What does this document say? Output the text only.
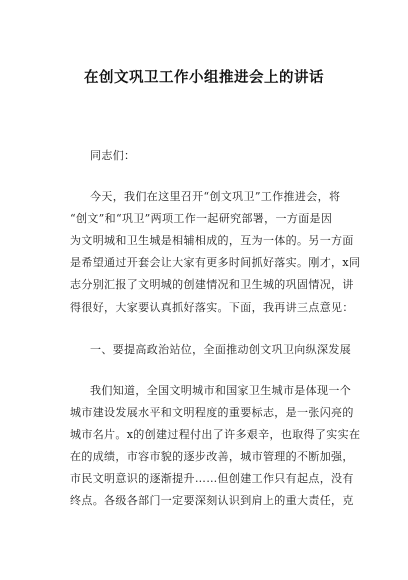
在创文巩卫工作小组推进会上的讲话
同志们：
今天，我们在这里召开“创文巩卫”工作推进会，将
“创文”和“巩卫”两项工作一起研究部署，一方面是因
为文明城和卫生城是相辅相成的，互为一体的。另一方面
是希望通过开套会让大家有更多时间抓好落实。刚才，x同
志分别汇报了文明城的创建情况和卫生城的巩固情况，讲
得很好，大家要认真抓好落实。下面，我再讲三点意见：
一、要提高政治站位，全面推动创文巩卫向纵深发展
我们知道，全国文明城市和国家卫生城市是体现一个
城市建设发展水平和文明程度的重要标志，是一张闪亮的
城市名片。x的创建过程付出了许多艰辛，也取得了实实在
在的成绩，市容市貌的逐步改善，城市管理的不断加强，
市民文明意识的逐渐提升……但创建工作只有起点，没有
终点。各级各部门一定要深刻认识到肩上的重大责任，克
